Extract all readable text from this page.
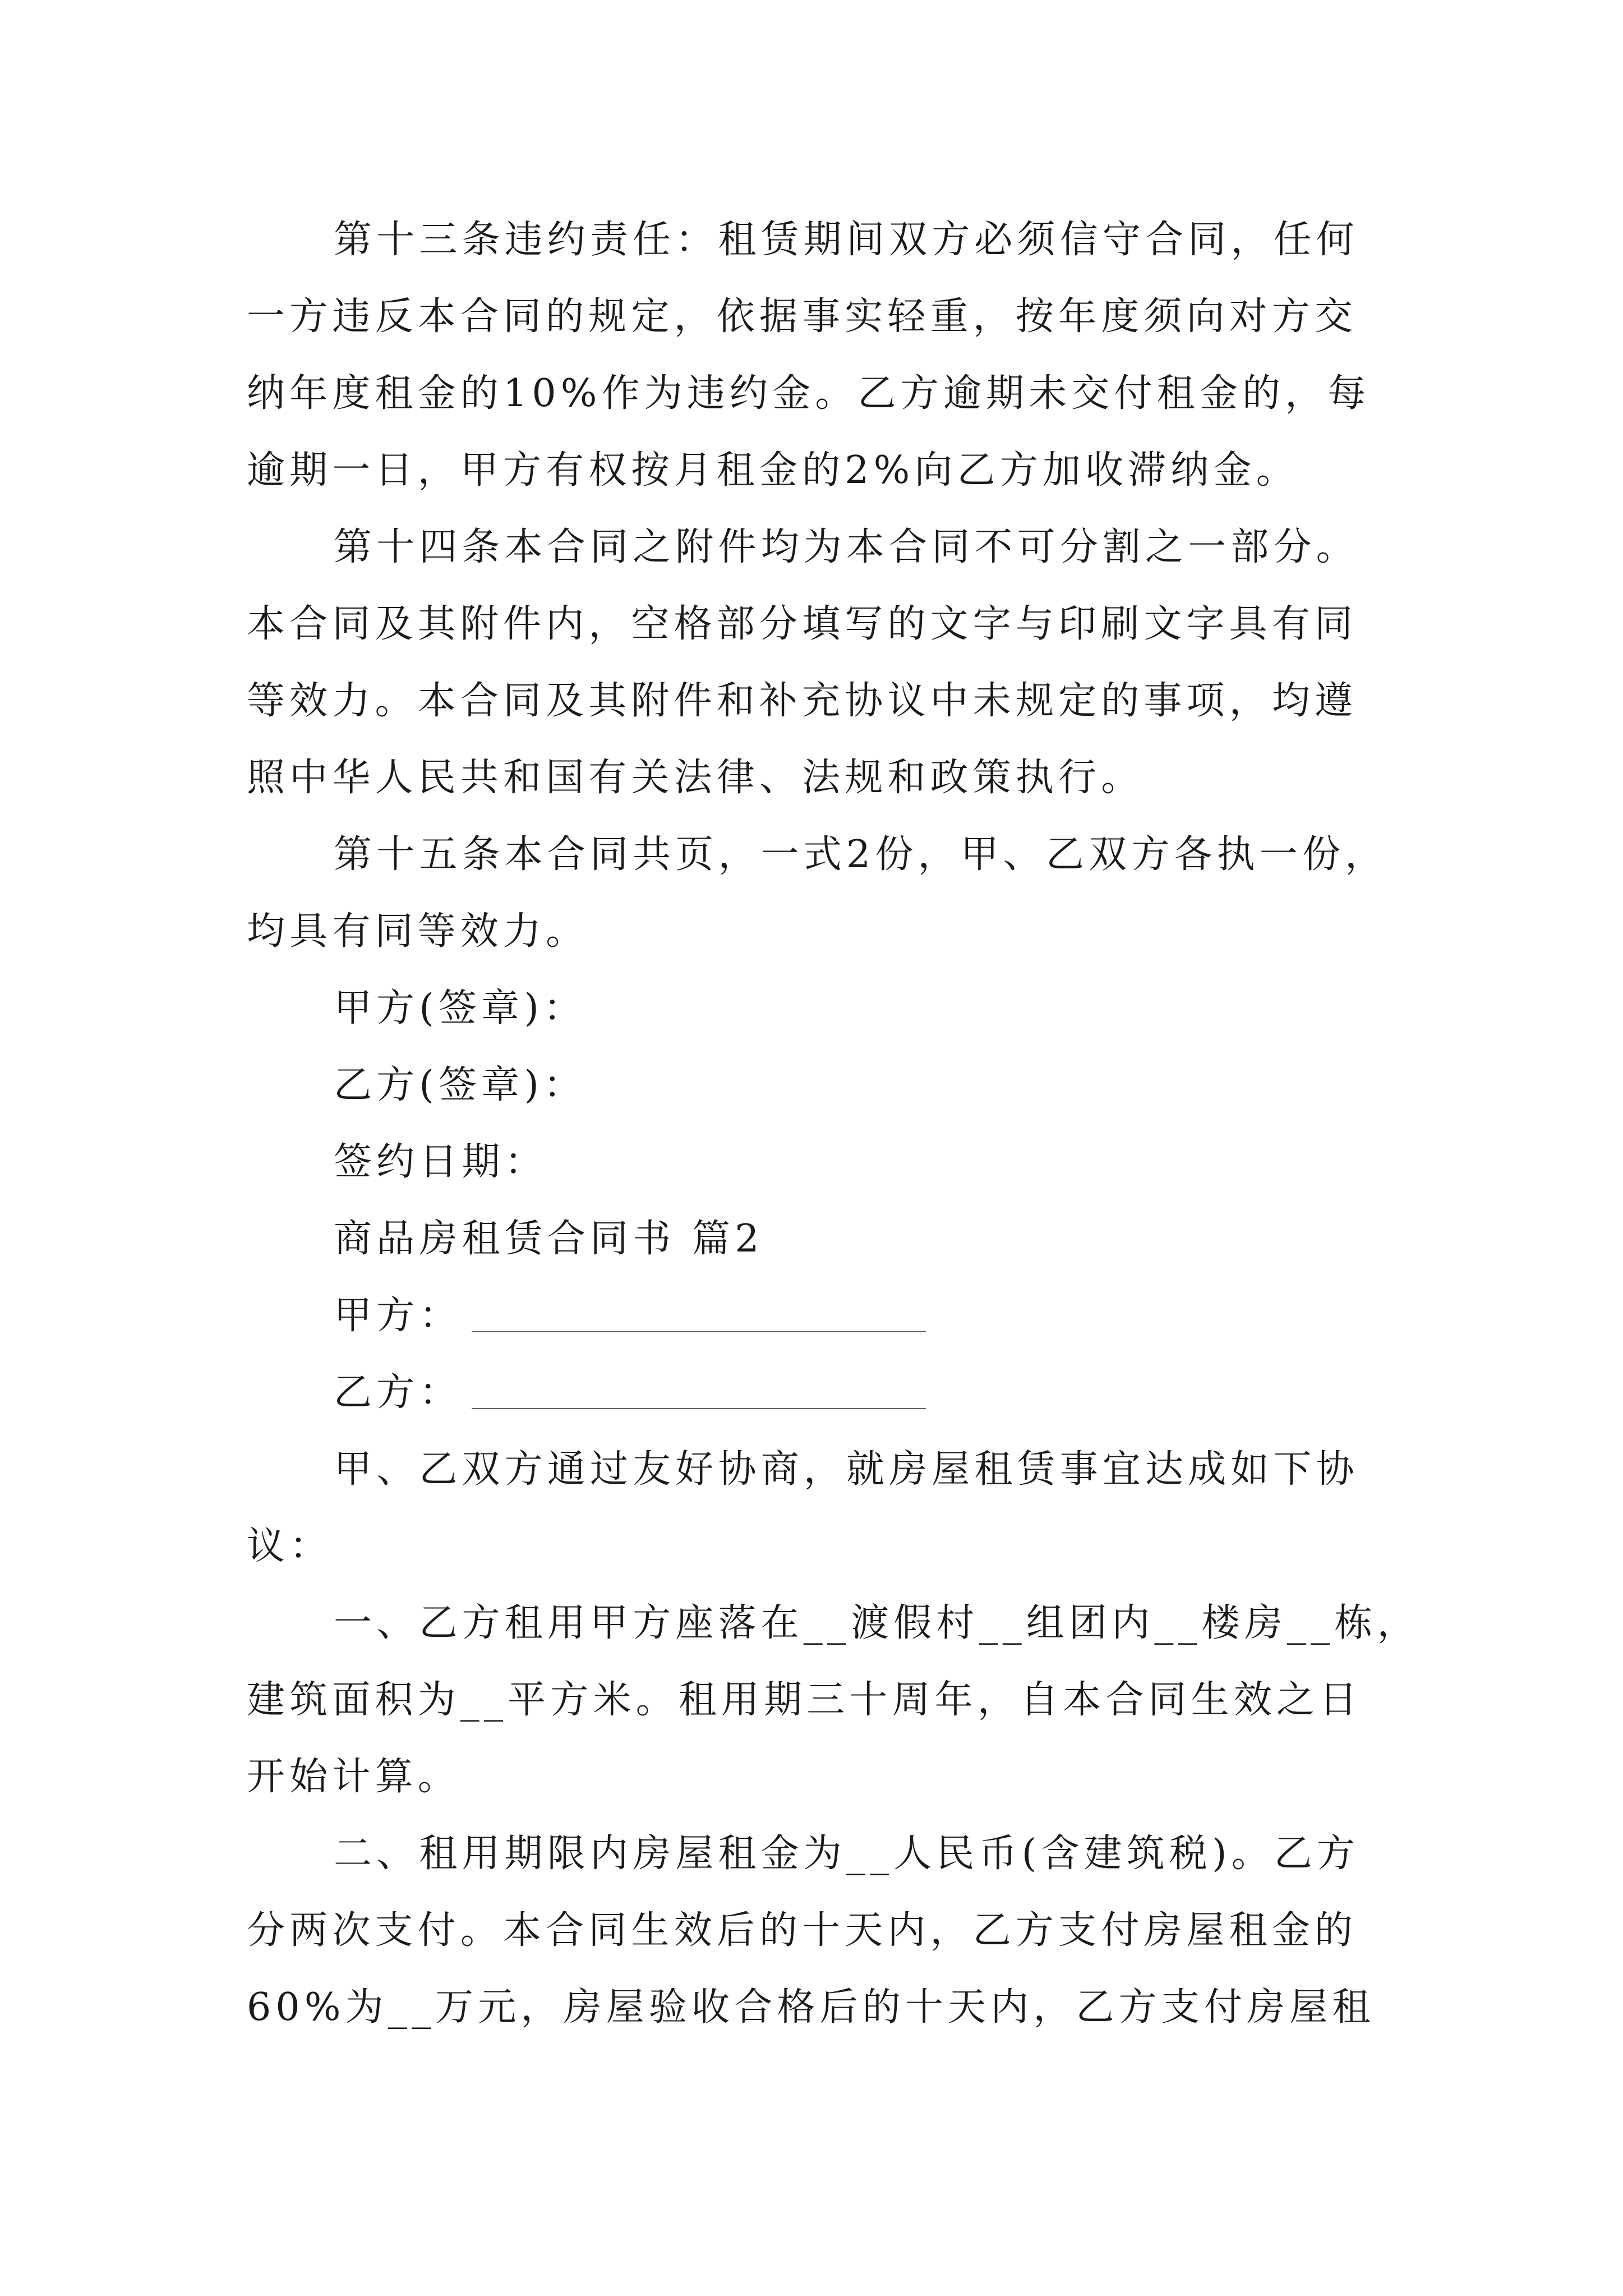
第十三条违约责任：租赁期间双方必须信守合同，任何

一方违反本合同的规定，依据事实轻重，按年度须向对方交

纳年度租金的10%作为违约金。乙方逾期未交付租金的，每

逾期一日，甲方有权按月租金的2%向乙方加收滞纳金。

第十四条本合同之附件均为本合同不可分割之一部分。

本合同及其附件内，空格部分填写的文字与印刷文字具有同

等效力。本合同及其附件和补充协议中未规定的事项，均遵

照中华人民共和国有关法律、法规和政策执行。

第十五条本合同共页，一式2份，甲、乙双方各执一份，

均具有同等效力。

甲方(签章)：

乙方(签章)：

签约日期：

商品房租赁合同书 篇2

甲方：
乙方：

甲、乙双方通过友好协商，就房屋租赁事宜达成如下协

议：

一、乙方租用甲方座落在__渡假村__组团内__楼房__栋，

建筑面积为__平方米。租用期三十周年，自本合同生效之日

开始计算。

二、租用期限内房屋租金为__人民币(含建筑税)。乙方

分两次支付。本合同生效后的十天内，乙方支付房屋租金的

60%为__万元，房屋验收合格后的十天内，乙方支付房屋租
